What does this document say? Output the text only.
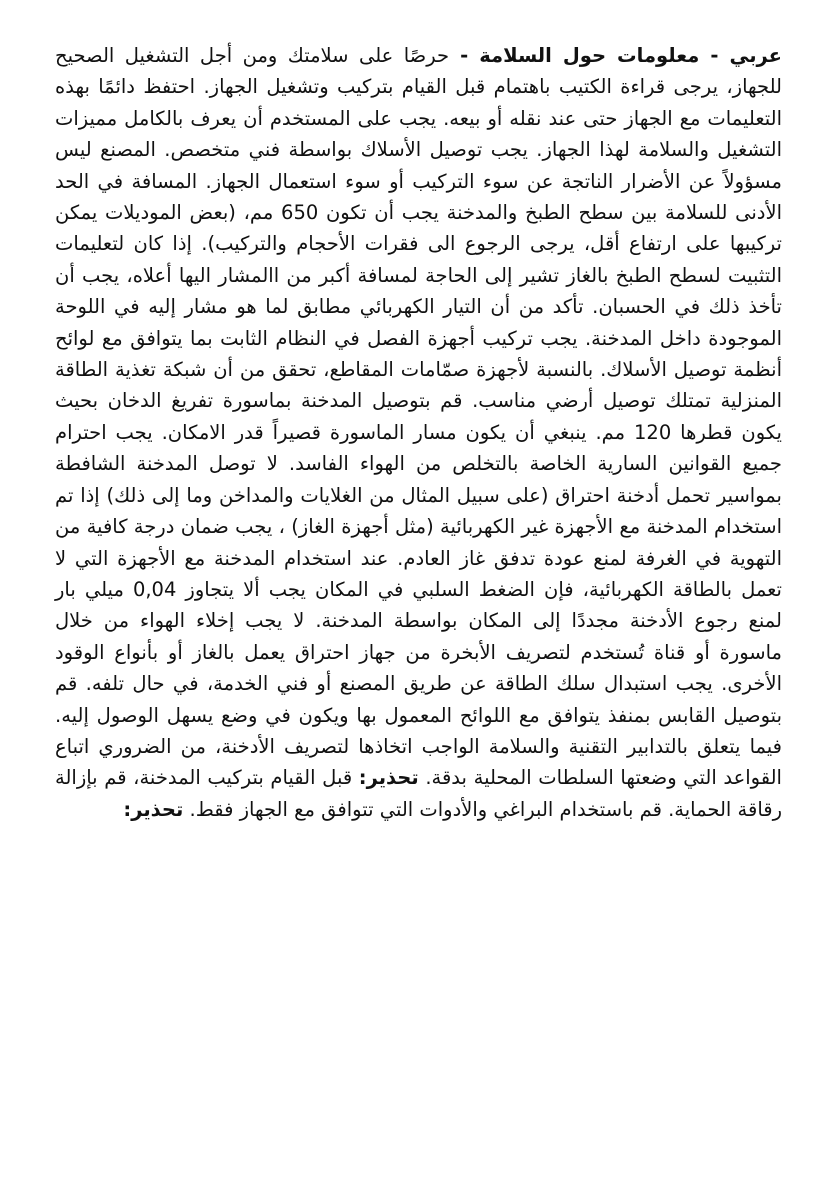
عربي - معلومات حول السلامة - حرصًا على سلامتك ومن أجل التشغيل الصحيح للجهاز، يرجى قراءة الكتيب باهتمام قبل القيام بتركيب وتشغيل الجهاز. احتفظ دائمًا بهذه التعليمات مع الجهاز حتى عند نقله أو بيعه. يجب على المستخدم أن يعرف بالكامل مميزات التشغيل والسلامة لهذا الجهاز. يجب توصيل الأسلاك بواسطة فني متخصص. المصنع ليس مسؤولاً عن الأضرار الناتجة عن سوء التركيب أو سوء استعمال الجهاز. المسافة في الحد الأدنى للسلامة بين سطح الطبخ والمدخنة يجب أن تكون 650 مم، (بعض الموديلات يمكن تركيبها على ارتفاع أقل، يرجى الرجوع الى فقرات الأحجام والتركيب). إذا كان لتعليمات التثبيت لسطح الطبخ بالغاز تشير إلى الحاجة لمسافة أكبر من االمشار اليها أعلاه، يجب أن تأخذ ذلك في الحسبان. تأكد من أن التيار الكهربائي مطابق لما هو مشار إليه في اللوحة الموجودة داخل المدخنة. يجب تركيب أجهزة الفصل في النظام الثابت بما يتوافق مع لوائح أنظمة توصيل الأسلاك. بالنسبة لأجهزة صمّامات المقاطع، تحقق من أن شبكة تغذية الطاقة المنزلية تمتلك توصيل أرضي مناسب. قم بتوصيل المدخنة بماسورة تفريغ الدخان بحيث يكون قطرها 120 مم. ينبغي أن يكون مسار الماسورة قصيراً قدر الامكان. يجب احترام جميع القوانين السارية الخاصة بالتخلص من الهواء الفاسد. لا توصل المدخنة الشافطة بمواسير تحمل أدخنة احتراق (على سبيل المثال من الغلايات والمداخن وما إلى ذلك) إذا تم استخدام المدخنة مع الأجهزة غير الكهربائية (مثل أجهزة الغاز) ، يجب ضمان درجة كافية من التهوية في الغرفة لمنع عودة تدفق غاز العادم. عند استخدام المدخنة مع الأجهزة التي لا تعمل بالطاقة الكهربائية، فإن الضغط السلبي في المكان يجب ألا يتجاوز 0,04 ميلي بار لمنع رجوع الأدخنة مجددًا إلى المكان بواسطة المدخنة. لا يجب إخلاء الهواء من خلال ماسورة أو قناة تُستخدم لتصريف الأبخرة من جهاز احتراق يعمل بالغاز أو بأنواع الوقود الأخرى. يجب استبدال سلك الطاقة عن طريق المصنع أو فني الخدمة، في حال تلفه. قم بتوصيل القابس بمنفذ يتوافق مع اللوائح المعمول بها ويكون في وضع يسهل الوصول إليه. فيما يتعلق بالتدابير التقنية والسلامة الواجب اتخاذها لتصريف الأدخنة، من الضروري اتباع القواعد التي وضعتها السلطات المحلية بدقة. تحذير: قبل القيام بتركيب المدخنة، قم بإزالة رقاقة الحماية. قم باستخدام البراغي والأدوات التي تتوافق مع الجهاز فقط. تحذير:
